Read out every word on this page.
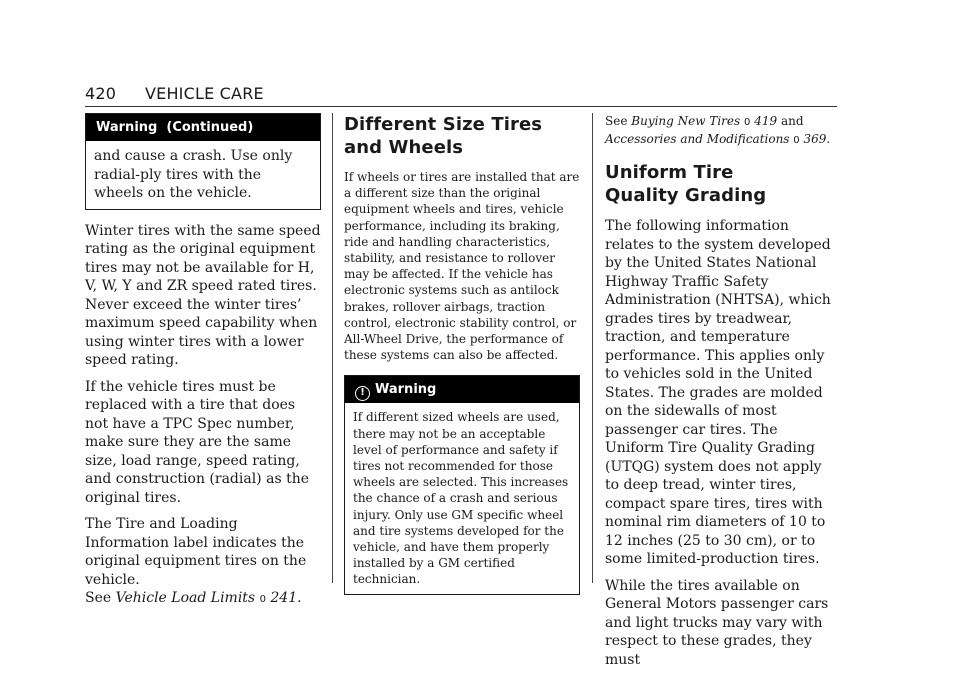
420 VEHICLE CARE
Warning  (Continued)

and cause a crash. Use only radial-ply tires with the wheels on the vehicle.

Winter tires with the same speed rating as the original equipment tires may not be available for H, V, W, Y and ZR speed rated tires. Never exceed the winter tires’ maximum speed capability when using winter tires with a lower speed rating.

If the vehicle tires must be replaced with a tire that does not have a TPC Spec number, make sure they are the same size, load range, speed rating, and construction (radial) as the original tires.

The Tire and Loading Information label indicates the original equipment tires on the vehicle.
See Vehicle Load Limits 0 241.

Different Size Tires and Wheels

If wheels or tires are installed that are a different size than the original equipment wheels and tires, vehicle performance, including its braking, ride and handling characteristics, stability, and resistance to rollover may be affected. If the vehicle has electronic systems such as antilock brakes, rollover airbags, traction control, electronic stability control, or All-Wheel Drive, the performance of these systems can also be affected.

! Warning

If different sized wheels are used, there may not be an acceptable level of performance and safety if tires not recommended for those wheels are selected. This increases the chance of a crash and serious injury. Only use GM specific wheel and tire systems developed for the vehicle, and have them properly installed by a GM certified technician.

See Buying New Tires 0 419 and
Accessories and Modifications 0 369.

Uniform Tire Quality Grading

The following information relates to the system developed by the United States National Highway Traffic Safety Administration (NHTSA), which grades tires by treadwear, traction, and temperature performance. This applies only to vehicles sold in the United States. The grades are molded on the sidewalls of most passenger car tires. The Uniform Tire Quality Grading (UTQG) system does not apply to deep tread, winter tires, compact spare tires, tires with nominal rim diameters of 10 to 12 inches (25 to 30 cm), or to some limited-production tires.

While the tires available on General Motors passenger cars and light trucks may vary with respect to these grades, they must
